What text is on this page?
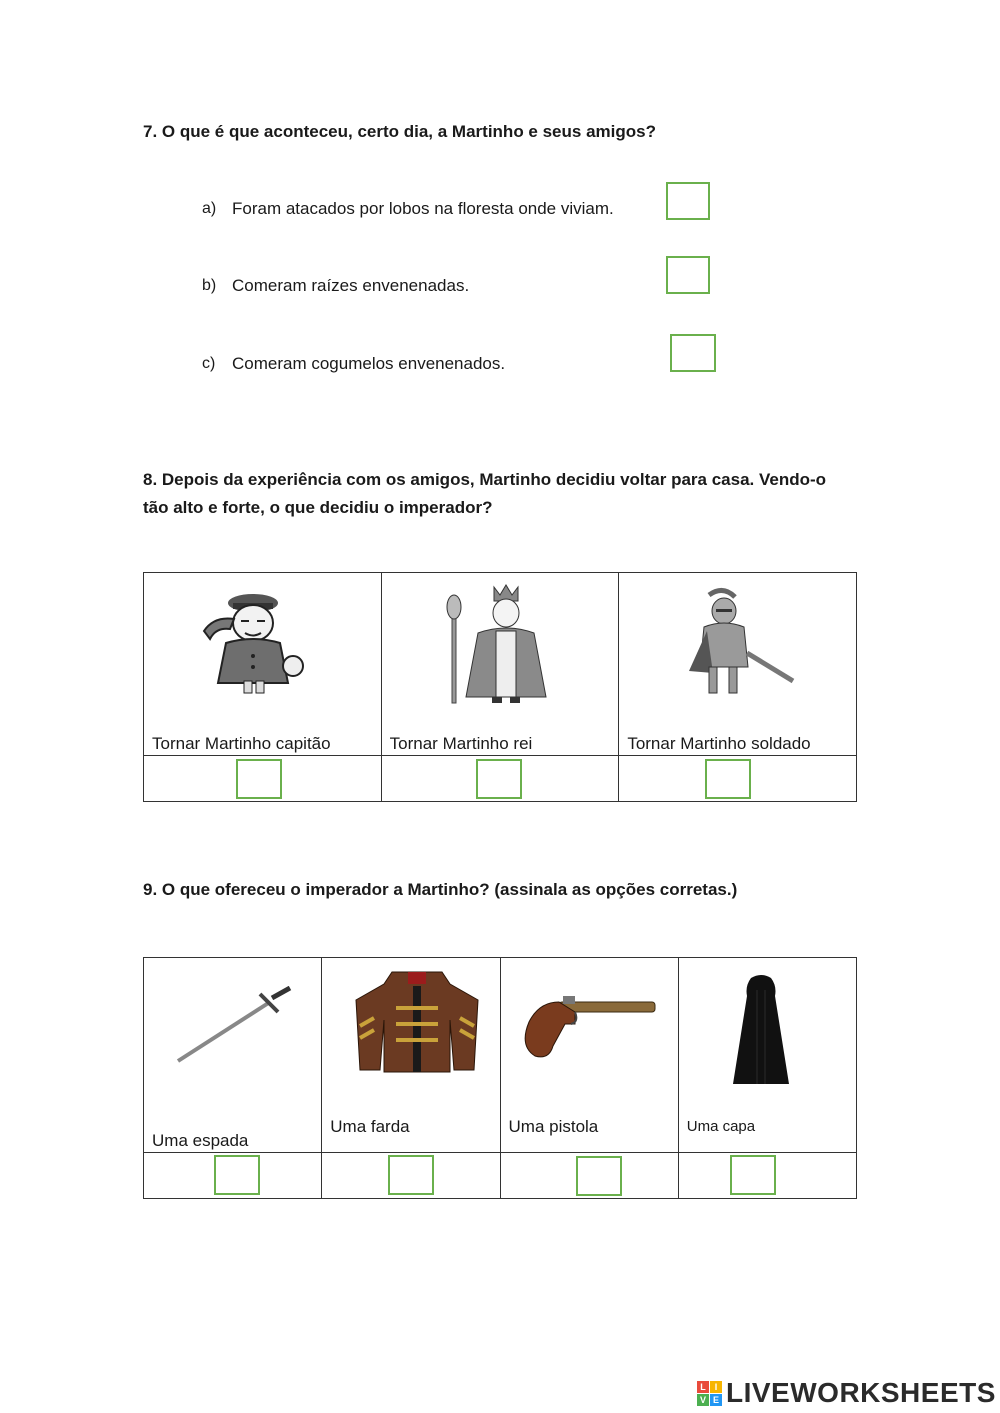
7. O que é que aconteceu, certo dia, a Martinho e seus amigos?
a) Foram atacados por lobos na floresta onde viviam.
b) Comeram raízes envenenadas.
c) Comeram cogumelos envenenados.
8. Depois da experiência com os amigos, Martinho decidiu voltar para casa. Vendo-o
tão alto e forte, o que decidiu o imperador?
Tornar Martinho capitão	Tornar Martinho rei	Tornar Martinho soldado

9. O que ofereceu o imperador a Martinho? (assinala as opções corretas.)
Uma espada	Uma farda	Uma pistola	Uma capa

L I
V E LIVEWORKSHEETS
